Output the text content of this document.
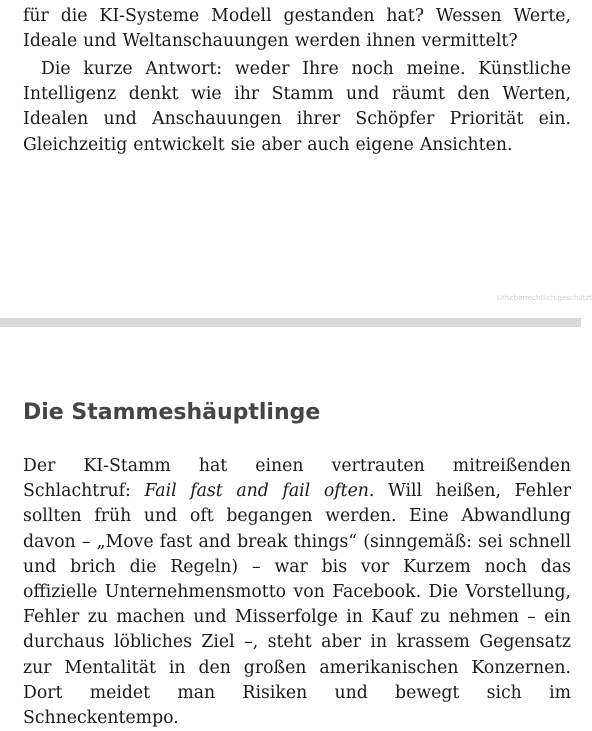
für die KI-Systeme Modell gestanden hat? Wessen Werte, Ideale und Weltanschauungen werden ihnen vermittelt?

Die kurze Antwort: weder Ihre noch meine. Künstliche Intelligenz denkt wie ihr Stamm und räumt den Werten, Idealen und Anschauungen ihrer Schöpfer Priorität ein. Gleichzeitig entwickelt sie aber auch eigene Ansichten.

Urheberrechtlich geschützt
Die Stammeshäuptlinge

Der KI-Stamm hat einen vertrauten mitreißenden Schlachtruf: Fail fast and fail often. Will heißen, Fehler sollten früh und oft begangen werden. Eine Abwandlung davon – „Move fast and break things“ (sinngemäß: sei schnell und brich die Regeln) – war bis vor Kurzem noch das offizielle Unternehmensmotto von Facebook. Die Vorstellung, Fehler zu machen und Misserfolge in Kauf zu nehmen – ein durchaus löbliches Ziel –, steht aber in krassem Gegensatz zur Mentalität in den großen amerikanischen Konzernen. Dort meidet man Risiken und bewegt sich im Schneckentempo.
